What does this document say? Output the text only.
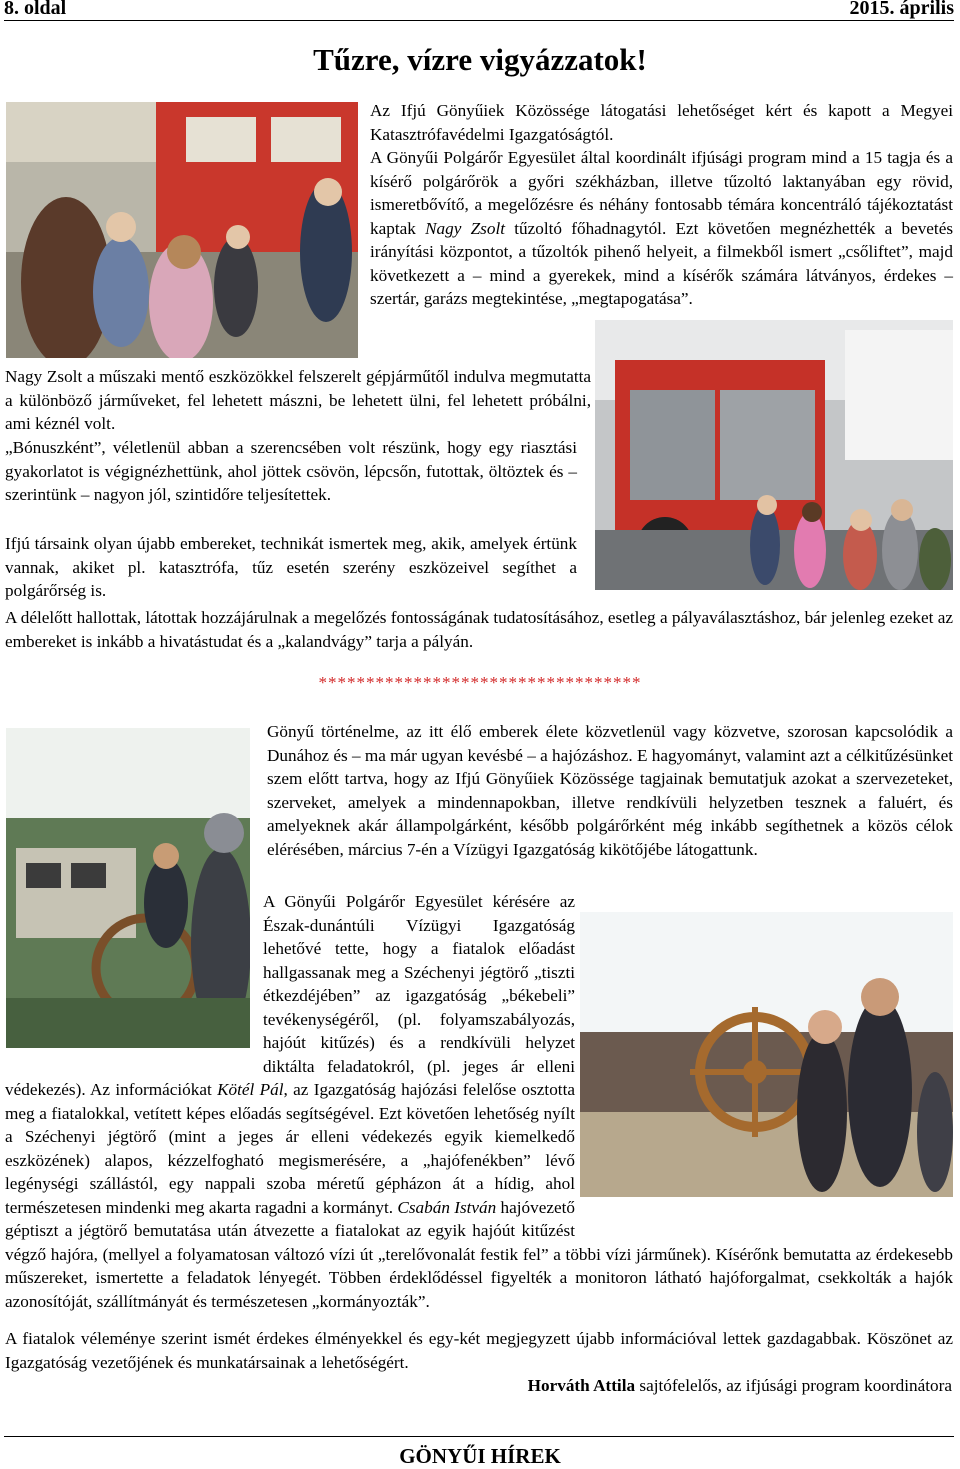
8. oldal	2015. április
Tűzre, vízre vigyázzatok!

Az Ifjú Gönyűiek Közössége látogatási lehetőséget kért és kapott a Megyei Katasztrófavédelmi Igazgatóságtól.

A Gönyűi Polgárőr Egyesület által koordinált ifjúsági program mind a 15 tagja és a kísérő polgárőrök a győri székházban, illetve tűzoltó laktanyában egy rövid, ismeretbővítő, a megelőzésre és néhány fontosabb témára koncentráló tájékoztatást kaptak Nagy Zsolt tűzoltó főhadnagytól. Ezt követően megnézhették a bevetés irányítási központot, a tűzoltók pihenő helyeit, a filmekből ismert „csőliftet”, majd következett a – mind a gyerekek, mind a kísérők számára látványos, érdekes – szertár, garázs megtekintése, „megtapogatása”.

Nagy Zsolt a műszaki mentő eszközökkel felszerelt gépjárműtől indulva megmutatta a különböző járműveket, fel lehetett mászni, be lehetett ülni, fel lehetett próbálni, ami kéznél volt.

„Bónuszként”, véletlenül abban a szerencsében volt részünk, hogy egy riasztási gyakorlatot is végignézhettünk, ahol jöttek csövön, lépcsőn, futottak, öltöztek és – szerintünk – nagyon jól, szintidőre teljesítettek.

Ifjú társaink olyan újabb embereket, technikát ismertek meg, akik, amelyek értünk vannak, akiket pl. katasztrófa, tűz esetén szerény eszközeivel segíthet a polgárőrség is.

A délelőtt hallottak, látottak hozzájárulnak a megelőzés fontosságának tudatosításához, esetleg a pályaválasztáshoz, bár jelenleg ezeket az embereket is inkább a hivatástudat és a „kalandvágy” tarja a pályán.

**********************************

Gönyű történelme, az itt élő emberek élete közvetlenül vagy közvetve, szorosan kapcsolódik a Dunához és – ma már ugyan kevésbé – a hajózáshoz. E hagyományt, valamint azt a célkitűzésünket szem előtt tartva, hogy az Ifjú Gönyűiek Közössége tagjainak bemutatjuk azokat a szervezeteket, szerveket, amelyek a mindennapokban, illetve rendkívüli helyzetben tesznek a faluért, és amelyeknek akár állampolgárként, később polgárőrként még inkább segíthetnek a közös célok elérésében, március 7-én a Vízügyi Igazgatóság kikötőjébe látogattunk.

A Gönyűi Polgárőr Egyesület kérésére az Észak-dunántúli Vízügyi Igazgatóság lehetővé tette, hogy a fiatalok előadást hallgassanak meg a Széchenyi jégtörő „tiszti étkezdéjében” az igazgatóság „békebeli” tevékenységéről, (pl. folyamszabályozás, hajóút kitűzés) és a rendkívüli helyzet diktálta feladatokról, (pl. jeges ár elleni védekezés). Az információkat Kötél Pál, az Igazgatóság hajózási felelőse osztotta meg a fiatalokkal, vetített képes előadás segítségével. Ezt követően lehetőség nyílt a Széchenyi jégtörő (mint a jeges ár elleni védekezés egyik kiemelkedő eszközének) alapos, kézzelfogható megismerésére, a „hajófenékben” lévő legénységi szállástól, egy nappali szoba méretű gépházon át a hídig, ahol természetesen mindenki meg akarta ragadni a kormányt. Csabán István hajóvezető géptiszt a jégtörő bemutatása után átvezette a fiatalokat az egyik hajóút kitűzést végző hajóra, (mellyel a folyamatosan változó vízi út „terelővonalát festik fel” a többi vízi járműnek). Kísérőnk bemutatta az érdekesebb műszereket, ismertette a feladatok lényegét. Többen érdeklődéssel figyelték a monitoron látható hajóforgalmat, csekkolták a hajók azonosítóját, szállítmányát és természetesen „kormányozták”.

A fiatalok véleménye szerint ismét érdekes élményekkel és egy-két megjegyzett újabb információval lettek gazdagabbak. Köszönet az Igazgatóság vezetőjének és munkatársainak a lehetőségért.

Horváth Attila sajtófelelős, az ifjúsági program koordinátora
GÖNYŰI HÍREK
